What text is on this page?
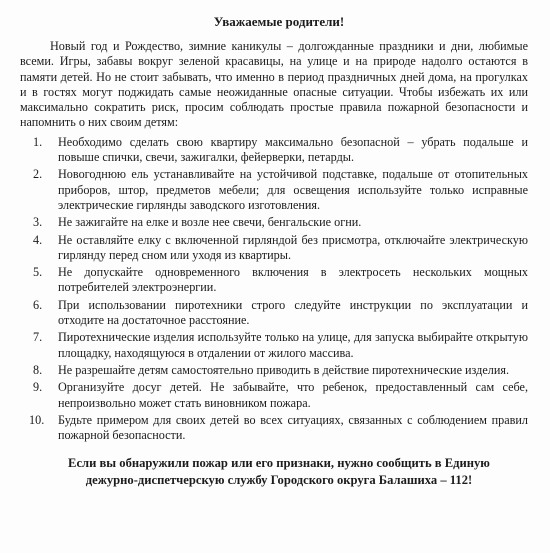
Уважаемые родители!

Новый год и Рождество, зимние каникулы – долгожданные праздники и дни, любимые всеми. Игры, забавы вокруг зеленой красавицы, на улице и на природе надолго остаются в памяти детей. Но не стоит забывать, что именно в период праздничных дней дома, на прогулках и в гостях могут поджидать самые неожиданные опасные ситуации. Чтобы избежать их или максимально сократить риск, просим соблюдать простые правила пожарной безопасности и напомнить о них своим детям:

1.	Необходимо сделать свою квартиру максимально безопасной – убрать подальше и повыше спички, свечи, зажигалки, фейерверки, петарды.
2.	Новогоднюю ель устанавливайте на устойчивой подставке, подальше от отопительных приборов, штор, предметов мебели; для освещения используйте только исправные электрические гирлянды заводского изготовления.
3.	Не зажигайте на елке и возле нее свечи, бенгальские огни.
4.	Не оставляйте елку с включенной гирляндой без присмотра, отключайте электрическую гирлянду перед сном или уходя из квартиры.
5.	Не допускайте одновременного включения в электросеть нескольких мощных потребителей электроэнергии.
6.	При использовании пиротехники строго следуйте инструкции по эксплуатации и отходите на достаточное расстояние.
7.	Пиротехнические изделия используйте только на улице, для запуска выбирайте открытую площадку, находящуюся в отдалении от жилого массива.
8.	Не разрешайте детям самостоятельно приводить в действие пиротехнические изделия.
9.	Организуйте досуг детей. Не забывайте, что ребенок, предоставленный сам себе, непроизвольно может стать виновником пожара.
10.	Будьте примером для своих детей во всех ситуациях, связанных с соблюдением правил пожарной безопасности.
Если вы обнаружили пожар или его признаки, нужно сообщить в Единую дежурно-диспетчерскую службу Городского округа Балашиха – 112!
